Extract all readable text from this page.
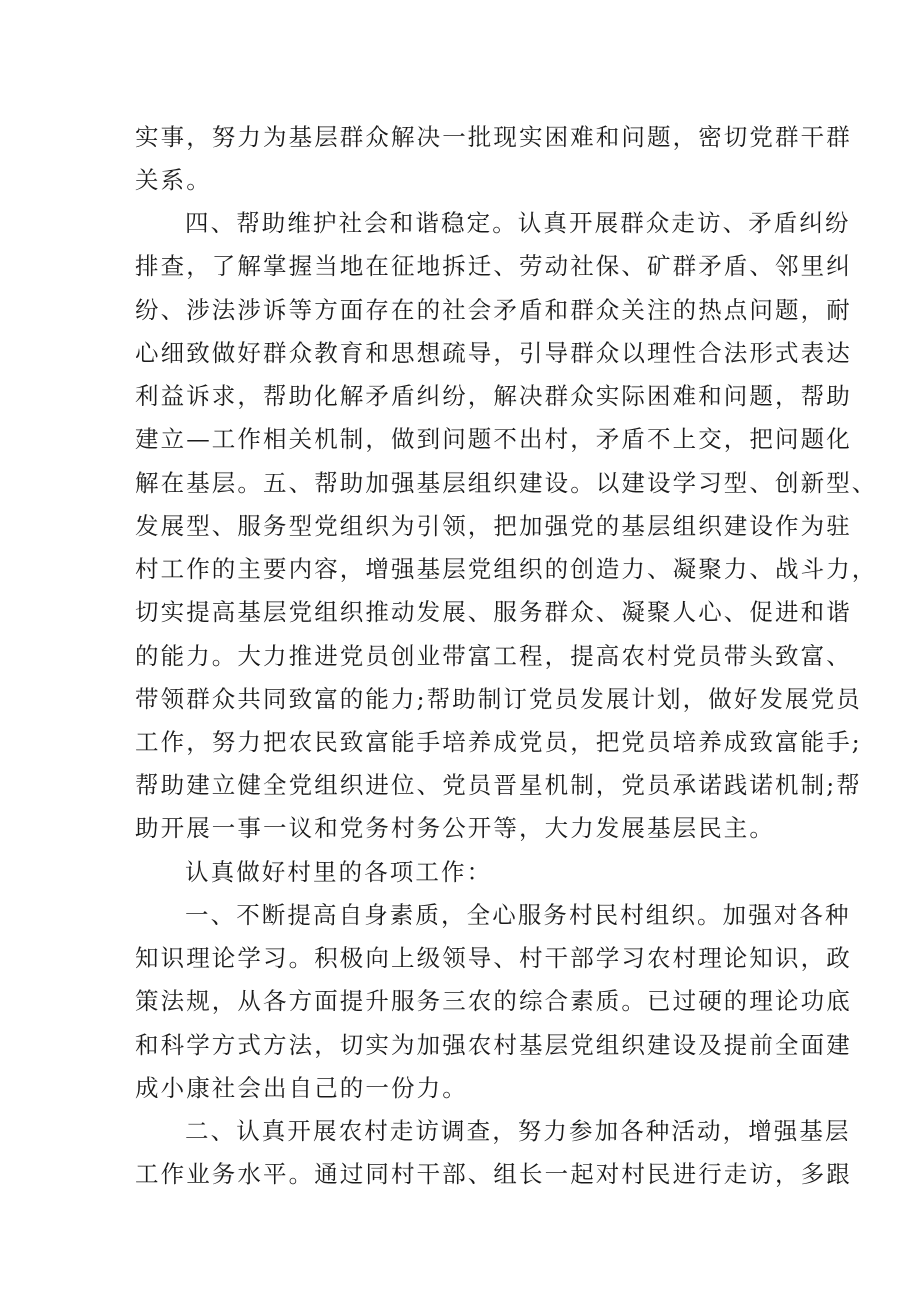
实事，努力为基层群众解决一批现实困难和问题，密切党群干群

关系。

四、帮助维护社会和谐稳定。认真开展群众走访、矛盾纠纷

排查，了解掌握当地在征地拆迁、劳动社保、矿群矛盾、邻里纠

纷、涉法涉诉等方面存在的社会矛盾和群众关注的热点问题，耐

心细致做好群众教育和思想疏导，引导群众以理性合法形式表达

利益诉求，帮助化解矛盾纠纷，解决群众实际困难和问题，帮助

建立—工作相关机制，做到问题不出村，矛盾不上交，把问题化

解在基层。五、帮助加强基层组织建设。以建设学习型、创新型、

发展型、服务型党组织为引领，把加强党的基层组织建设作为驻

村工作的主要内容，增强基层党组织的创造力、凝聚力、战斗力，

切实提高基层党组织推动发展、服务群众、凝聚人心、促进和谐

的能力。大力推进党员创业带富工程，提高农村党员带头致富、

带领群众共同致富的能力;帮助制订党员发展计划，做好发展党员

工作，努力把农民致富能手培养成党员，把党员培养成致富能手;

帮助建立健全党组织进位、党员晋星机制，党员承诺践诺机制;帮

助开展一事一议和党务村务公开等，大力发展基层民主。

认真做好村里的各项工作：

一、不断提高自身素质，全心服务村民村组织。加强对各种

知识理论学习。积极向上级领导、村干部学习农村理论知识，政

策法规，从各方面提升服务三农的综合素质。已过硬的理论功底

和科学方式方法，切实为加强农村基层党组织建设及提前全面建

成小康社会出自己的一份力。

二、认真开展农村走访调查，努力参加各种活动，增强基层

工作业务水平。通过同村干部、组长一起对村民进行走访，多跟
